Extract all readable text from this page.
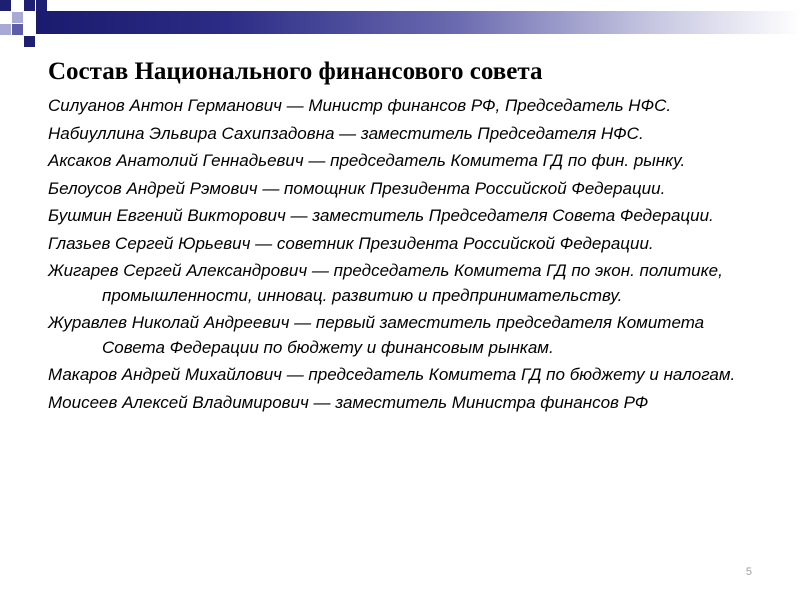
Состав Национального финансового совета
Силуанов Антон Германович — Министр финансов РФ, Председатель НФС.
Набиуллина Эльвира Сахипзадовна — заместитель Председателя НФС.
Аксаков Анатолий Геннадьевич — председатель Комитета ГД по фин. рынку.
Белоусов Андрей Рэмович — помощник Президента Российской Федерации.
Бушмин Евгений Викторович — заместитель Председателя Совета Федерации.
Глазьев Сергей Юрьевич — советник Президента Российской Федерации.
Жигарев Сергей Александрович — председатель Комитета ГД по экон. политике, промышленности, инновац. развитию и предпринимательству.
Журавлев Николай Андреевич — первый заместитель председателя Комитета Совета Федерации по бюджету и финансовым рынкам.
Макаров Андрей Михайлович — председатель Комитета ГД по бюджету и налогам.
Моисеев Алексей Владимирович — заместитель Министра финансов РФ
5
